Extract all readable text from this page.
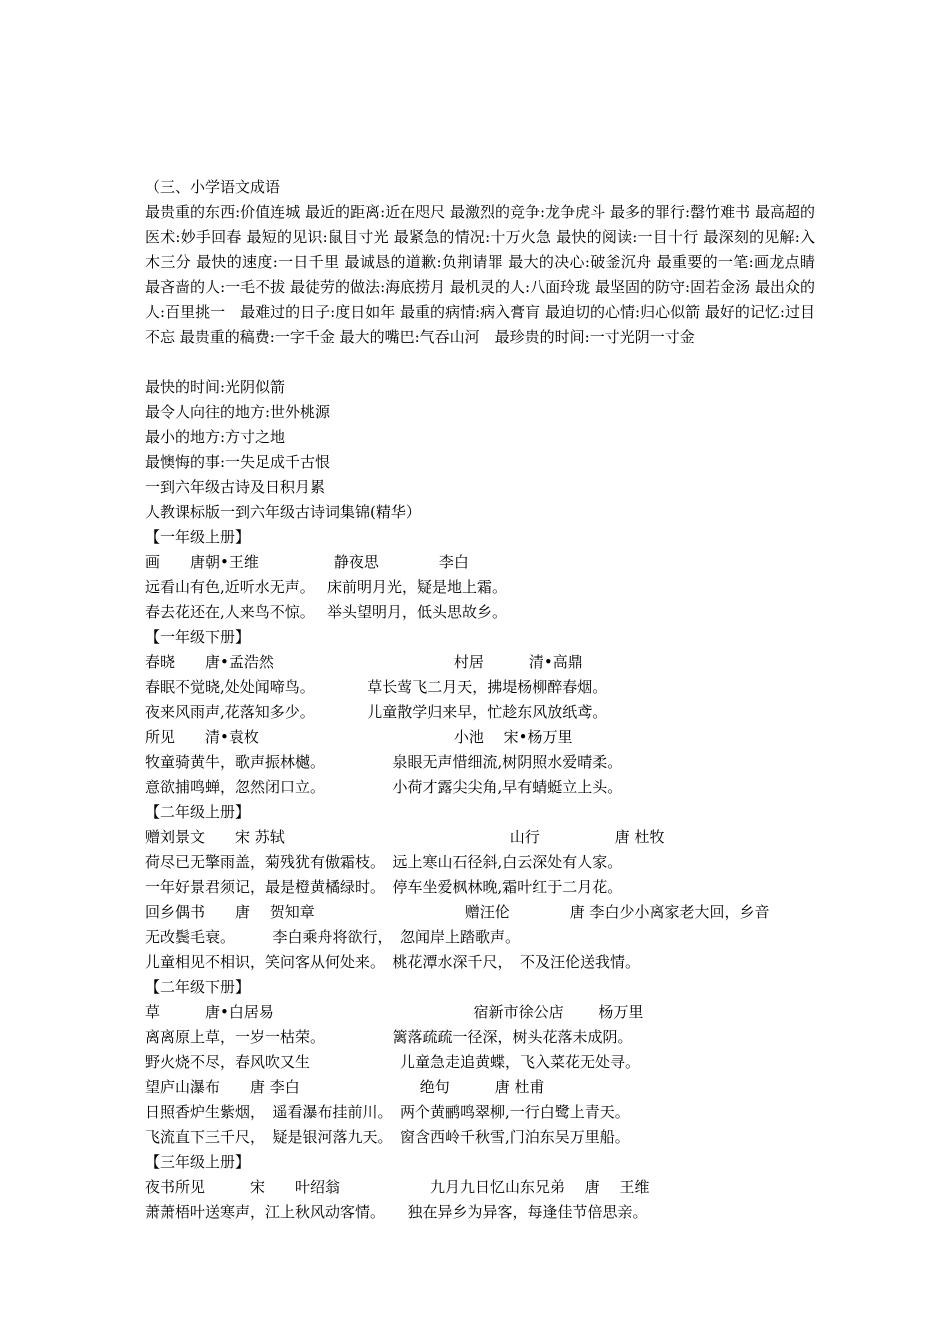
（三、小学语文成语
最贵重的东西:价值连城 最近的距离:近在咫尺 最激烈的竞争:龙争虎斗 最多的罪行:罄竹难书 最高超的医术:妙手回春 最短的见识:鼠目寸光 最紧急的情况:十万火急 最快的阅读:一目十行 最深刻的见解:入木三分 最快的速度:一日千里 最诚恳的道歉:负荆请罪 最大的决心:破釜沉舟 最重要的一笔:画龙点睛 最吝啬的人:一毛不拔 最徒劳的做法:海底捞月 最机灵的人:八面玲珑 最坚固的防守:固若金汤 最出众的人:百里挑一　最难过的日子:度日如年 最重的病情:病入膏肓 最迫切的心情:归心似箭 最好的记忆:过目不忘 最贵重的稿费:一字千金 最大的嘴巴:气吞山河　最珍贵的时间:一寸光阴一寸金
最快的时间:光阴似箭
最令人向往的地方:世外桃源
最小的地方:方寸之地
最懊悔的事:一失足成千古恨
一到六年级古诗及日积月累
人教课标版一到六年级古诗词集锦(精华）
【一年级上册】
画　　唐朝•王维　　　　　静夜思　　　　李白
远看山有色,近听水无声。　 床前明月光，疑是地上霜。
春去花还在,人来鸟不惊。　 举头望明月，低头思故乡。
【一年级下册】
春晓　　唐•孟浩然　　　　　　　　　　　　村居　　　清•高鼎
春眠不觉晓,处处闻啼鸟。　　　　草长莺飞二月天，拂堤杨柳醉春烟。
夜来风雨声,花落知多少。　　　　儿童散学归来早，忙趁东风放纸鸢。
所见　　清•袁枚　　　　　　　　　　　　　小池　 宋•杨万里
牧童骑黄牛，歌声振林樾。　　　　　泉眼无声惜细流,树阴照水爱晴柔。
意欲捕鸣蝉，忽然闭口立。　　　　　小荷才露尖尖角,早有蜻蜓立上头。
【二年级上册】
赠刘景文　　宋 苏轼　　　　　　　　　　　　　　　山行　　　　　唐 杜牧
荷尽已无擎雨盖，菊残犹有傲霜枝。　远上寒山石径斜,白云深处有人家。
一年好景君须记，最是橙黄橘绿时。　停车坐爱枫林晚,霜叶红于二月花。
回乡偶书　　唐　 贺知章　　　　　　　　　　赠汪伦　　　　唐 李白少小离家老大回，乡音
无改鬓毛衰。　　　李白乘舟将欲行，　忽闻岸上踏歌声。
儿童相见不相识，笑问客从何处来。　桃花潭水深千尺，　不及汪伦送我情。
【二年级下册】
草　　　唐•白居易　　　　　　　　　　　　　 宿新市徐公店　　 杨万里
离离原上草，一岁一枯荣。　　　　　篱落疏疏一径深，树头花落未成阴。
野火烧不尽，春风吹又生　　　　　　儿童急走追黄蝶，飞入菜花无处寻。
望庐山瀑布　　唐 李白　　　　　　　　绝句　　　唐 杜甫
日照香炉生紫烟，　遥看瀑布挂前川。　两个黄鹂鸣翠柳,一行白鹭上青天。
飞流直下三千尺，　疑是银河落九天。　窗含西岭千秋雪,门泊东吴万里船。
【三年级上册】
夜书所见　　　宋　　叶绍翁　　　　　　九月九日忆山东兄弟　 唐　 王维
萧萧梧叶送寒声，江上秋风动客情。　　独在异乡为异客，每逢佳节倍思亲。
